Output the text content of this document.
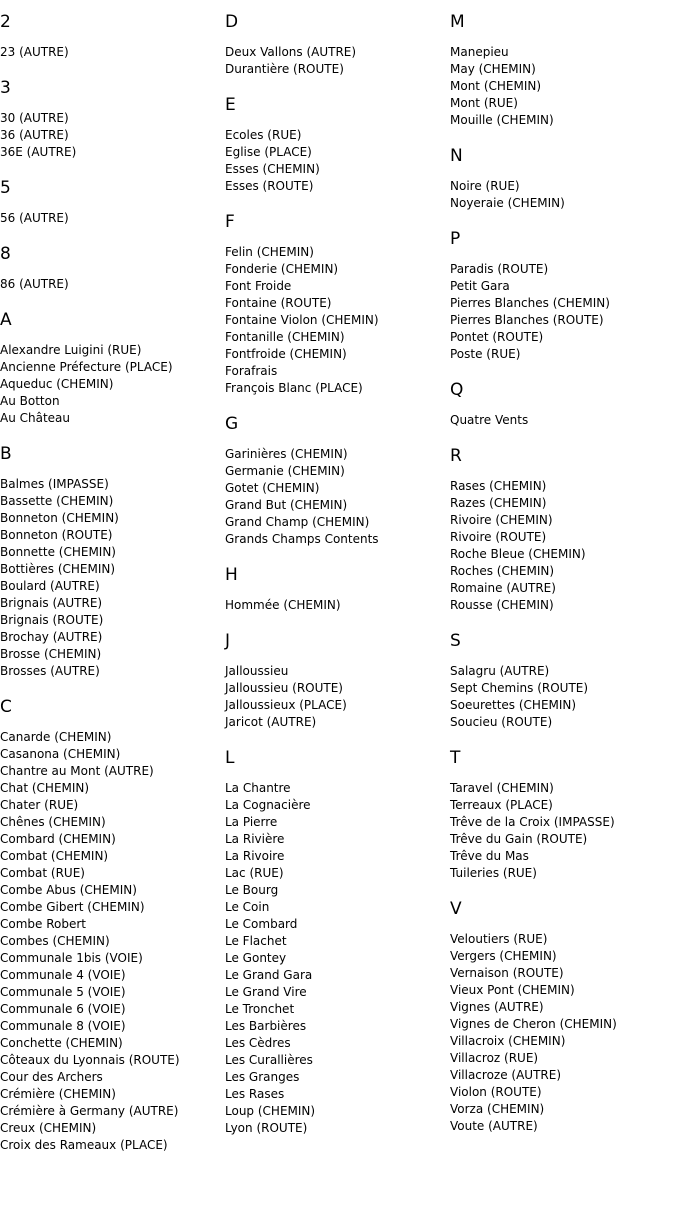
2
23 (AUTRE)
3
30 (AUTRE)
36 (AUTRE)
36E (AUTRE)
5
56 (AUTRE)
8
86 (AUTRE)
A
Alexandre Luigini (RUE)
Ancienne Préfecture (PLACE)
Aqueduc (CHEMIN)
Au Botton
Au Château
B
Balmes (IMPASSE)
Bassette (CHEMIN)
Bonneton (CHEMIN)
Bonneton (ROUTE)
Bonnette (CHEMIN)
Bottières (CHEMIN)
Boulard (AUTRE)
Brignais (AUTRE)
Brignais (ROUTE)
Brochay (AUTRE)
Brosse (CHEMIN)
Brosses (AUTRE)
C
Canarde (CHEMIN)
Casanona (CHEMIN)
Chantre au Mont (AUTRE)
Chat (CHEMIN)
Chater (RUE)
Chênes (CHEMIN)
Combard (CHEMIN)
Combat (CHEMIN)
Combat (RUE)
Combe Abus (CHEMIN)
Combe Gibert (CHEMIN)
Combe Robert
Combes (CHEMIN)
Communale 1bis (VOIE)
Communale 4 (VOIE)
Communale 5 (VOIE)
Communale 6 (VOIE)
Communale 8 (VOIE)
Conchette (CHEMIN)
Côteaux du Lyonnais (ROUTE)
Cour des Archers
Crémière (CHEMIN)
Crémière à Germany (AUTRE)
Creux (CHEMIN)
Croix des Rameaux (PLACE)
D
Deux Vallons (AUTRE)
Durantière (ROUTE)
E
Ecoles (RUE)
Eglise (PLACE)
Esses (CHEMIN)
Esses (ROUTE)
F
Felin (CHEMIN)
Fonderie (CHEMIN)
Font Froide
Fontaine (ROUTE)
Fontaine Violon (CHEMIN)
Fontanille (CHEMIN)
Fontfroide (CHEMIN)
Forafrais
François Blanc (PLACE)
G
Garinières (CHEMIN)
Germanie (CHEMIN)
Gotet (CHEMIN)
Grand But (CHEMIN)
Grand Champ (CHEMIN)
Grands Champs Contents
H
Hommée (CHEMIN)
J
Jalloussieu
Jalloussieu (ROUTE)
Jalloussieux (PLACE)
Jaricot (AUTRE)
L
La Chantre
La Cognacière
La Pierre
La Rivière
La Rivoire
Lac (RUE)
Le Bourg
Le Coin
Le Combard
Le Flachet
Le Gontey
Le Grand Gara
Le Grand Vire
Le Tronchet
Les Barbières
Les Cèdres
Les Curallières
Les Granges
Les Rases
Loup (CHEMIN)
Lyon (ROUTE)
M
Manepieu
May (CHEMIN)
Mont (CHEMIN)
Mont (RUE)
Mouille (CHEMIN)
N
Noire (RUE)
Noyeraie (CHEMIN)
P
Paradis (ROUTE)
Petit Gara
Pierres Blanches (CHEMIN)
Pierres Blanches (ROUTE)
Pontet (ROUTE)
Poste (RUE)
Q
Quatre Vents
R
Rases (CHEMIN)
Razes (CHEMIN)
Rivoire (CHEMIN)
Rivoire (ROUTE)
Roche Bleue (CHEMIN)
Roches (CHEMIN)
Romaine (AUTRE)
Rousse (CHEMIN)
S
Salagru (AUTRE)
Sept Chemins (ROUTE)
Soeurettes (CHEMIN)
Soucieu (ROUTE)
T
Taravel (CHEMIN)
Terreaux (PLACE)
Trêve de la Croix (IMPASSE)
Trêve du Gain (ROUTE)
Trêve du Mas
Tuileries (RUE)
V
Veloutiers (RUE)
Vergers (CHEMIN)
Vernaison (ROUTE)
Vieux Pont (CHEMIN)
Vignes (AUTRE)
Vignes de Cheron (CHEMIN)
Villacroix (CHEMIN)
Villacroz (RUE)
Villacroze (AUTRE)
Violon (ROUTE)
Vorza (CHEMIN)
Voute (AUTRE)
